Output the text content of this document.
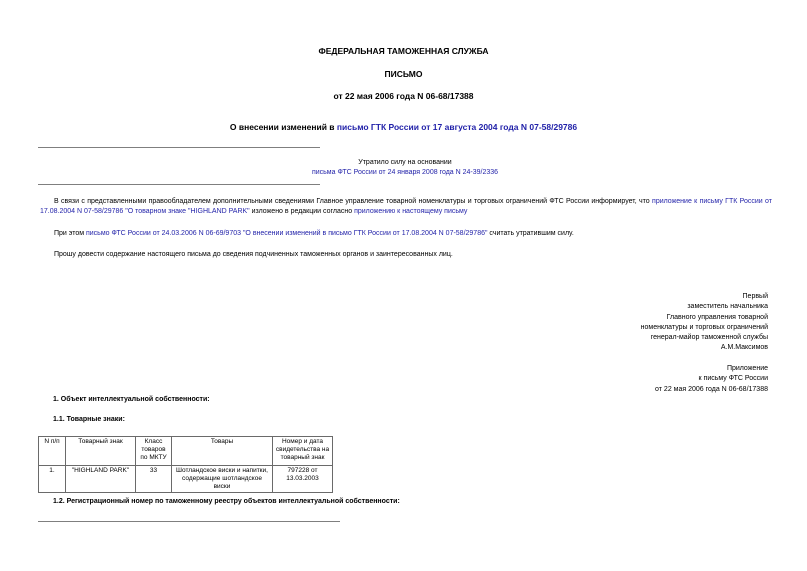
ФЕДЕРАЛЬНАЯ ТАМОЖЕННАЯ СЛУЖБА
ПИСЬМО
от 22 мая 2006 года N 06-68/17388
О внесении изменений в письмо ГТК России от 17 августа 2004 года N 07-58/29786
Утратило силу на основании
письма ФТС России от 24 января 2008 года N 24-39/2336
В связи с представленными правообладателем дополнительными сведениями Главное управление товарной номенклатуры и торговых ограничений ФТС России информирует, что приложение к письму ГТК России от 17.08.2004 N 07-58/29786 "О товарном знаке "HIGHLAND PARK" изложено в редакции согласно приложению к настоящему письму
При этом письмо ФТС России от 24.03.2006 N 06-69/9703 "О внесении изменений в письмо ГТК России от 17.08.2004 N 07-58/29786" считать утратившим силу.
Прошу довести содержание настоящего письма до сведения подчиненных таможенных органов и заинтересованных лиц.
Первый
заместитель начальника
Главного управления товарной
номенклатуры и торговых ограничений
генерал-майор таможенной службы
А.М.Максимов
Приложение
к письму ФТС России
от 22 мая 2006 года N 06-68/17388
1. Объект интеллектуальной собственности:
1.1. Товарные знаки:
N п/п	Товарный знак	Класс товаров по МКТУ	Товары	Номер и дата свидетельства на товарный знак
1.	"HIGHLAND PARK"	33	Шотландское виски и напитки, содержащие шотландское виски	797228 от 13.03.2003
1.2. Регистрационный номер по таможенному реестру объектов интеллектуальной собственности:
